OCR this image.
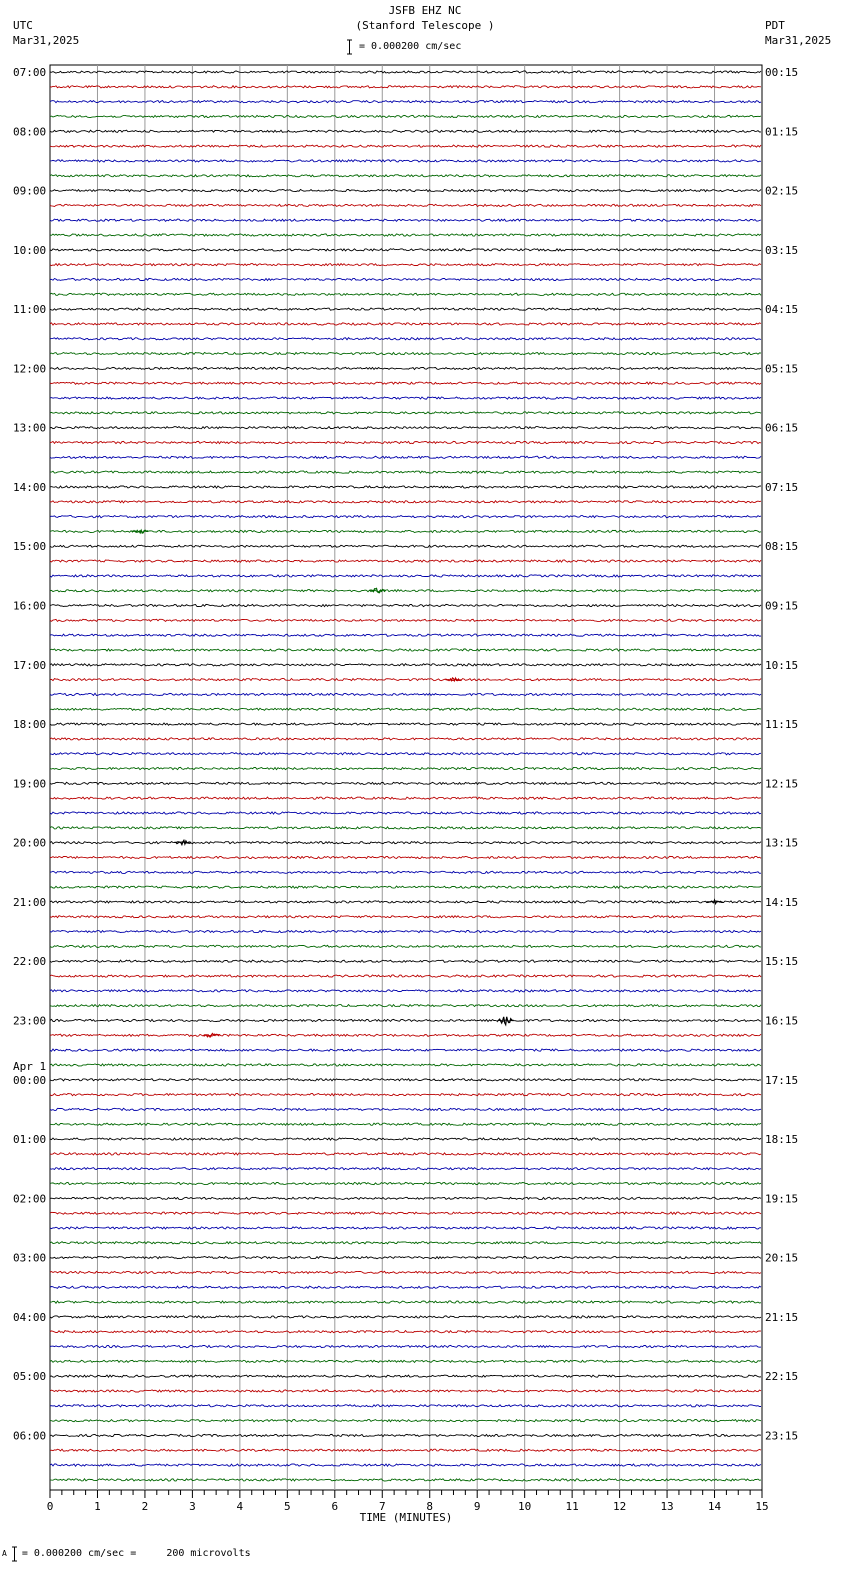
JSFB EHZ NC
(Stanford Telescope )
UTC
Mar31,2025
PDT
Mar31,2025
= 0.000200 cm/sec
07:00
08:00
09:00
10:00
11:00
12:00
13:00
14:00
15:00
16:00
17:00
18:00
19:00
20:00
21:00
22:00
23:00
00:00
01:00
02:00
03:00
04:00
05:00
06:00
00:15
01:15
02:15
03:15
04:15
05:15
06:15
07:15
08:15
09:15
10:15
11:15
12:15
13:15
14:15
15:15
16:15
17:15
18:15
19:15
20:15
21:15
22:15
23:15
Apr 1
0	1	2	3	4	5	6	7	8	9	10	11	12	13	14	15
TIME (MINUTES)
A = 0.000200 cm/sec =     200 microvolts
